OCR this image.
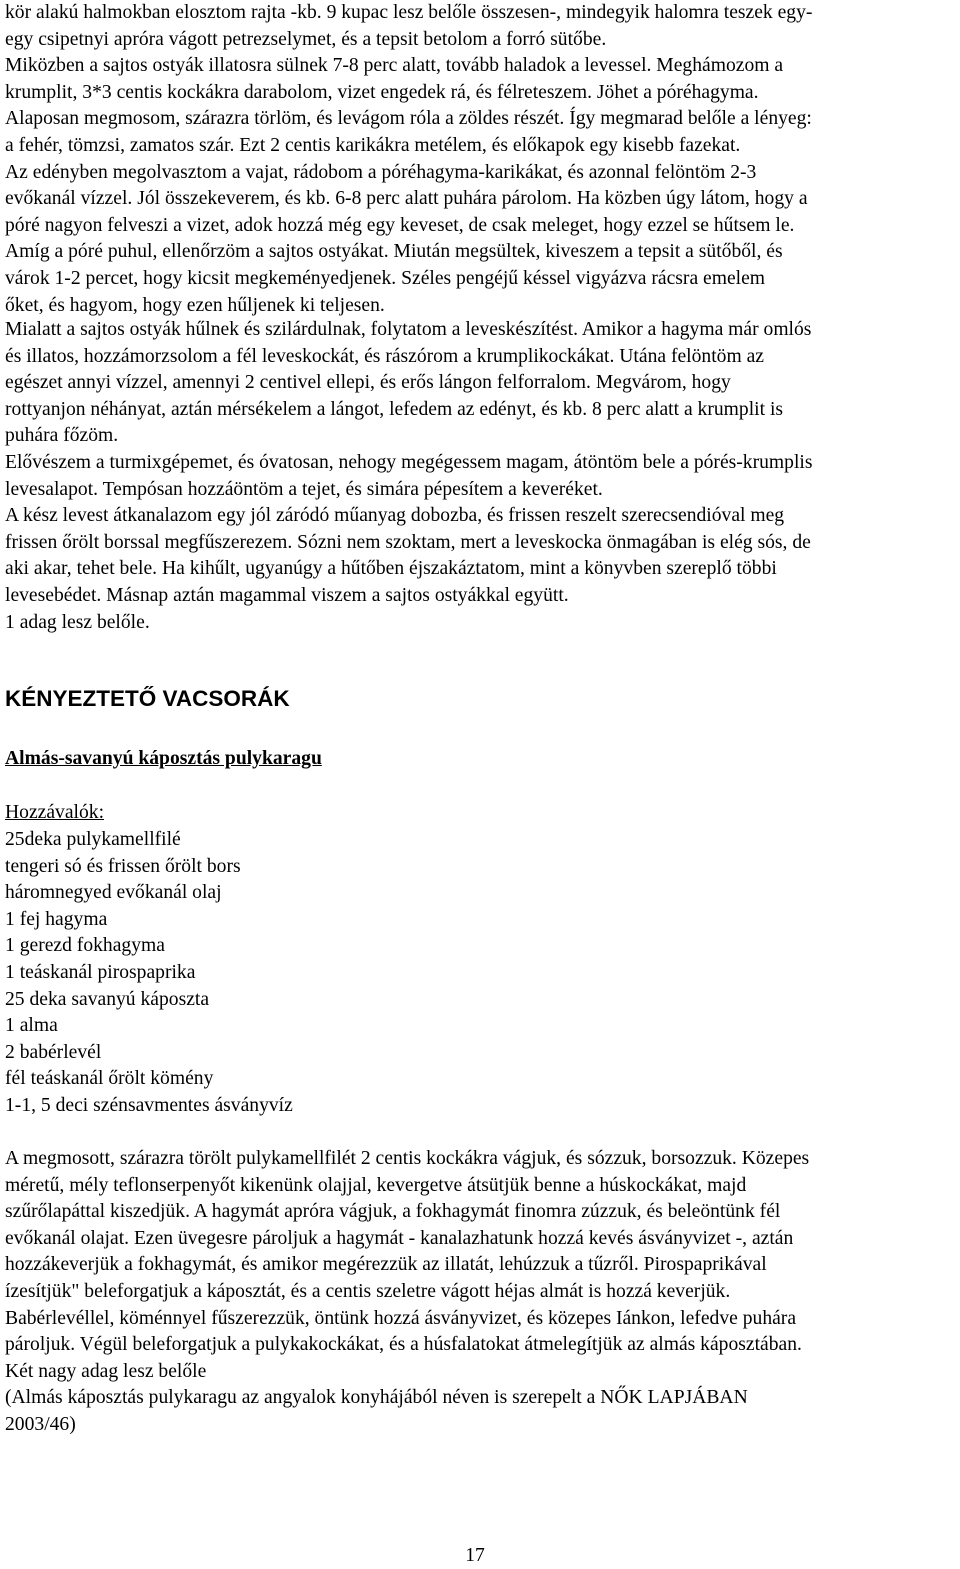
kör alakú halmokban elosztom rajta -kb. 9 kupac lesz belőle összesen-, mindegyik halomra teszek egy-
egy csipetnyi apróra vágott petrezselymet, és a tepsit betolom a forró sütőbe.
Miközben a sajtos ostyák illatosra sülnek 7-8 perc alatt, tovább haladok a levessel. Meghámozom a
krumplit, 3*3 centis kockákra darabolom, vizet engedek rá, és félreteszem. Jöhet a póréhagyma.
Alaposan megmosom, szárazra törlöm, és levágom róla a zöldes részét. Így megmarad belőle a lényeg:
a fehér, tömzsi, zamatos szár. Ezt 2 centis karikákra metélem, és előkapok egy kisebb fazekat.
Az edényben megolvasztom a vajat, rádobom a póréhagyma-karikákat, és azonnal felöntöm 2-3
evőkanál vízzel. Jól összekeverem, és kb. 6-8 perc alatt puhára párolom. Ha közben úgy látom, hogy a
póré nagyon felveszi a vizet, adok hozzá még egy keveset, de csak meleget, hogy ezzel se hűtsem le.
Amíg a póré puhul, ellenőrzöm a sajtos ostyákat. Miután megsültek, kiveszem a tepsit a sütőből, és
várok 1-2 percet, hogy kicsit megkeményedjenek. Széles pengéjű késsel vigyázva rácsra emelem
őket, és hagyom, hogy ezen hűljenek ki teljesen.
Mialatt a sajtos ostyák hűlnek és szilárdulnak, folytatom a leveskészítést. Amikor a hagyma már omlós
és illatos, hozzámorzsolom a fél leveskockát, és rászórom a krumplikockákat. Utána felöntöm az
egészet annyi vízzel, amennyi 2 centivel ellepi, és erős lángon felforralom. Megvárom, hogy
rottyanjon néhányat, aztán mérsékelem a lángot, lefedem az edényt, és kb. 8 perc alatt a krumplit is
puhára főzöm.
Elővészem a turmixgépemet, és óvatosan, nehogy megégessem magam, átöntöm bele a pórés-krumplis
levesalapot. Tempósan hozzáöntöm a tejet, és simára pépesítem a keveréket.
A kész levest átkanalazom egy jól záródó műanyag dobozba, és frissen reszelt szerecsendióval meg
frissen őrölt borssal megfűszerezem. Sózni nem szoktam, mert a leveskocka önmagában is elég sós, de
aki akar, tehet bele. Ha kihűlt, ugyanúgy a hűtőben éjszakáztatom, mint a könyvben szereplő többi
levesebédet. Másnap aztán magammal viszem a sajtos ostyákkal együtt.
1 adag lesz belőle.
KÉNYEZTETŐ VACSORÁK
Almás-savanyú káposztás pulykaragu
Hozzávalók:
25deka pulykamellfilé
tengeri só és frissen őrölt bors
háromnegyed evőkanál olaj
1 fej hagyma
1 gerezd fokhagyma
1 teáskanál pirospaprika
25 deka savanyú káposzta
1 alma
2 babérlevél
fél teáskanál őrölt kömény
1-1, 5 deci szénsavmentes ásványvíz
A megmosott, szárazra törölt pulykamellfilét 2 centis kockákra vágjuk, és sózzuk, borsozzuk. Közepes
méretű, mély teflonserpenyőt kikenünk olajjal, kevergetve átsütjük benne a húskockákat, majd
szűrőlapáttal kiszedjük. A hagymát apróra vágjuk, a fokhagymát finomra zúzzuk, és beleöntünk fél
evőkanál olajat. Ezen üvegesre pároljuk a hagymát - kanalazhatunk hozzá kevés ásványvizet -, aztán
hozzákeverjük a fokhagymát, és amikor megérezzük az illatát, lehúzzuk a tűzről. Pirospaprikával
ízesítjük" beleforgatjuk a káposztát, és a centis szeletre vágott héjas almát is hozzá keverjük.
Babérlevéllel, köménnyel fűszerezzük, öntünk hozzá ásványvizet, és közepes Iánkon, lefedve puhára
pároljuk. Végül beleforgatjuk a pulykakockákat, és a húsfalatokat átmelegítjük az almás káposztában.
Két nagy adag lesz belőle
(Almás káposztás pulykaragu az angyalok konyhájából néven is szerepelt a NŐK LAPJÁBAN
2003/46)
17
